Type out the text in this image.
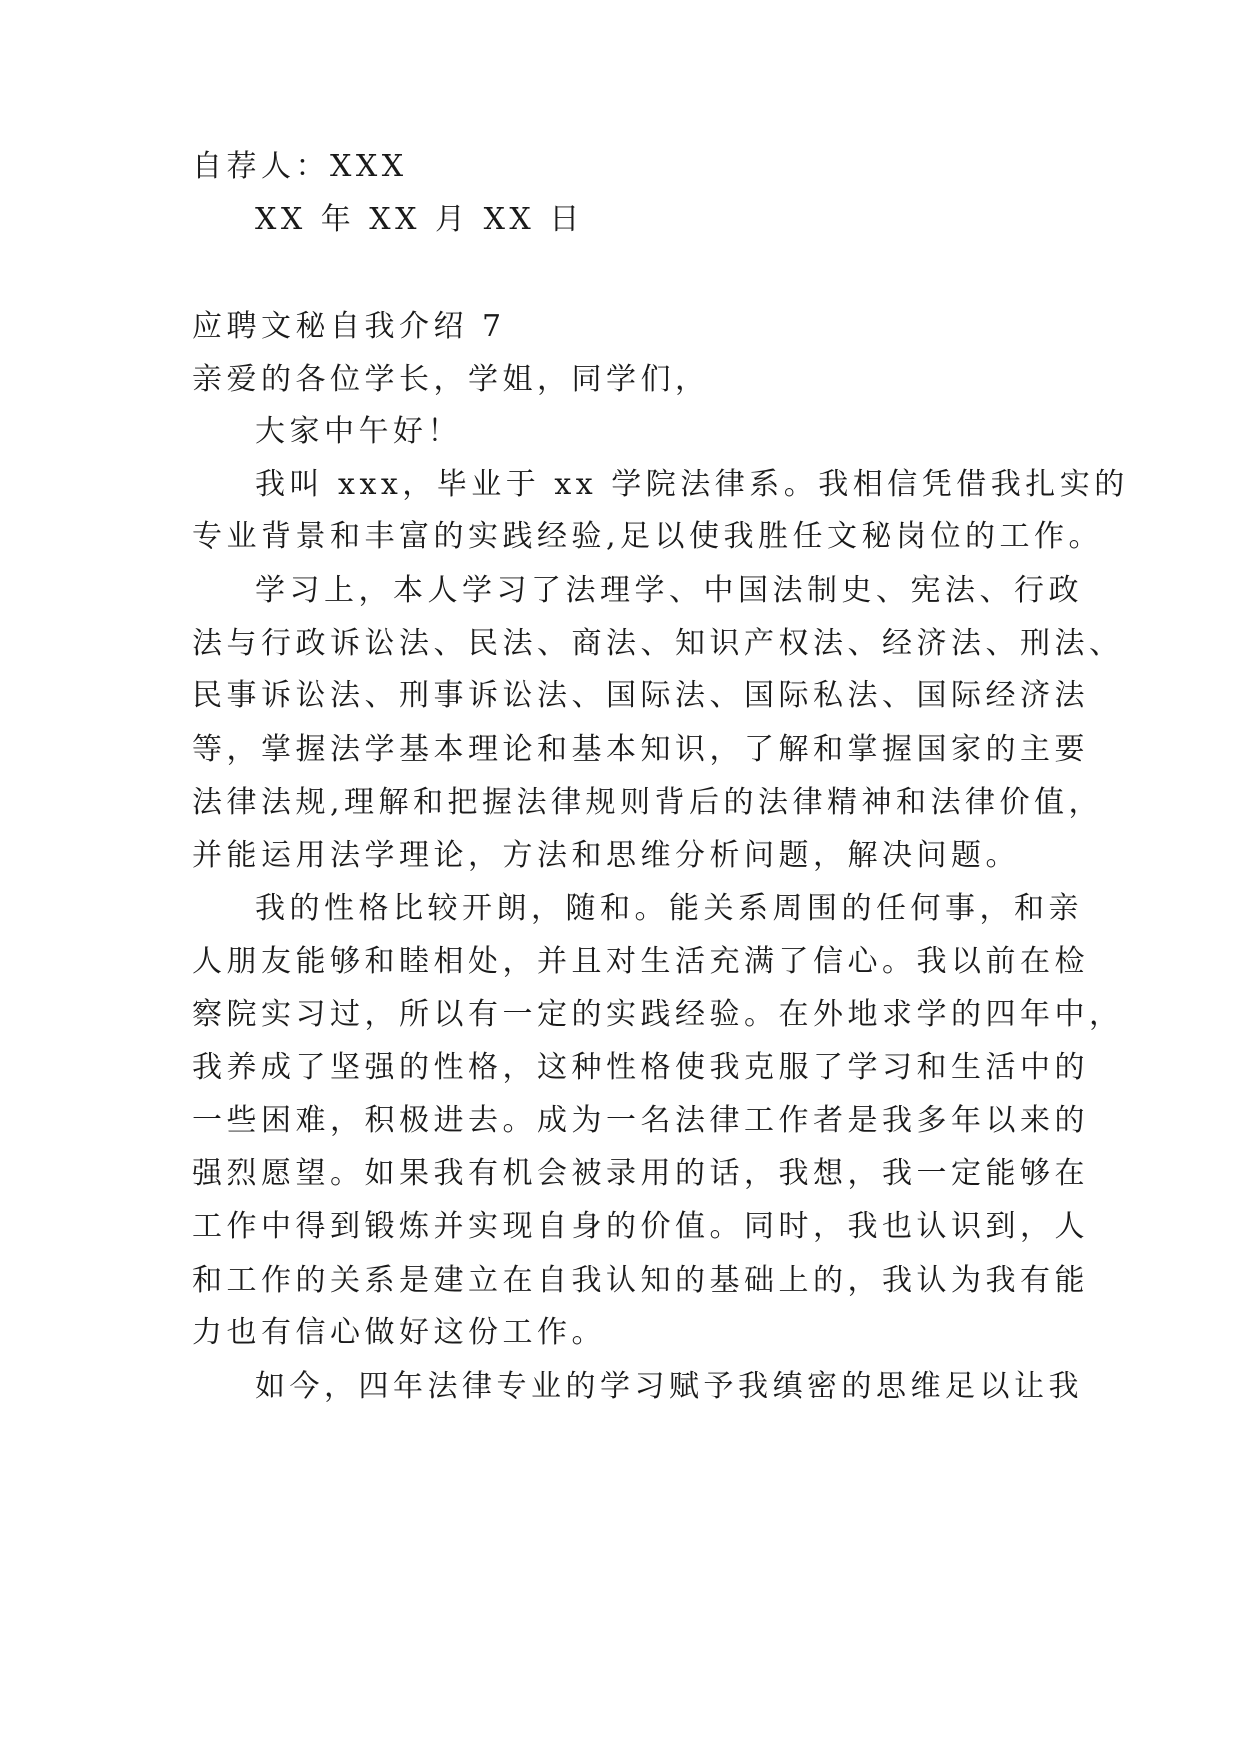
自荐人：XXX
XX 年 XX 月 XX 日
应聘文秘自我介绍 7
亲爱的各位学长，学姐，同学们，
大家中午好！
我叫 xxx，毕业于 xx 学院法律系。我相信凭借我扎实的
专业背景和丰富的实践经验,足以使我胜任文秘岗位的工作。
学习上，本人学习了法理学、中国法制史、宪法、行政
法与行政诉讼法、民法、商法、知识产权法、经济法、刑法、
民事诉讼法、刑事诉讼法、国际法、国际私法、国际经济法
等，掌握法学基本理论和基本知识，了解和掌握国家的主要
法律法规,理解和把握法律规则背后的法律精神和法律价值，
并能运用法学理论，方法和思维分析问题，解决问题。
我的性格比较开朗，随和。能关系周围的任何事，和亲
人朋友能够和睦相处，并且对生活充满了信心。我以前在检
察院实习过，所以有一定的实践经验。在外地求学的四年中，
我养成了坚强的性格，这种性格使我克服了学习和生活中的
一些困难，积极进去。成为一名法律工作者是我多年以来的
强烈愿望。如果我有机会被录用的话，我想，我一定能够在
工作中得到锻炼并实现自身的价值。同时，我也认识到，人
和工作的关系是建立在自我认知的基础上的，我认为我有能
力也有信心做好这份工作。
如今，四年法律专业的学习赋予我缜密的思维足以让我
